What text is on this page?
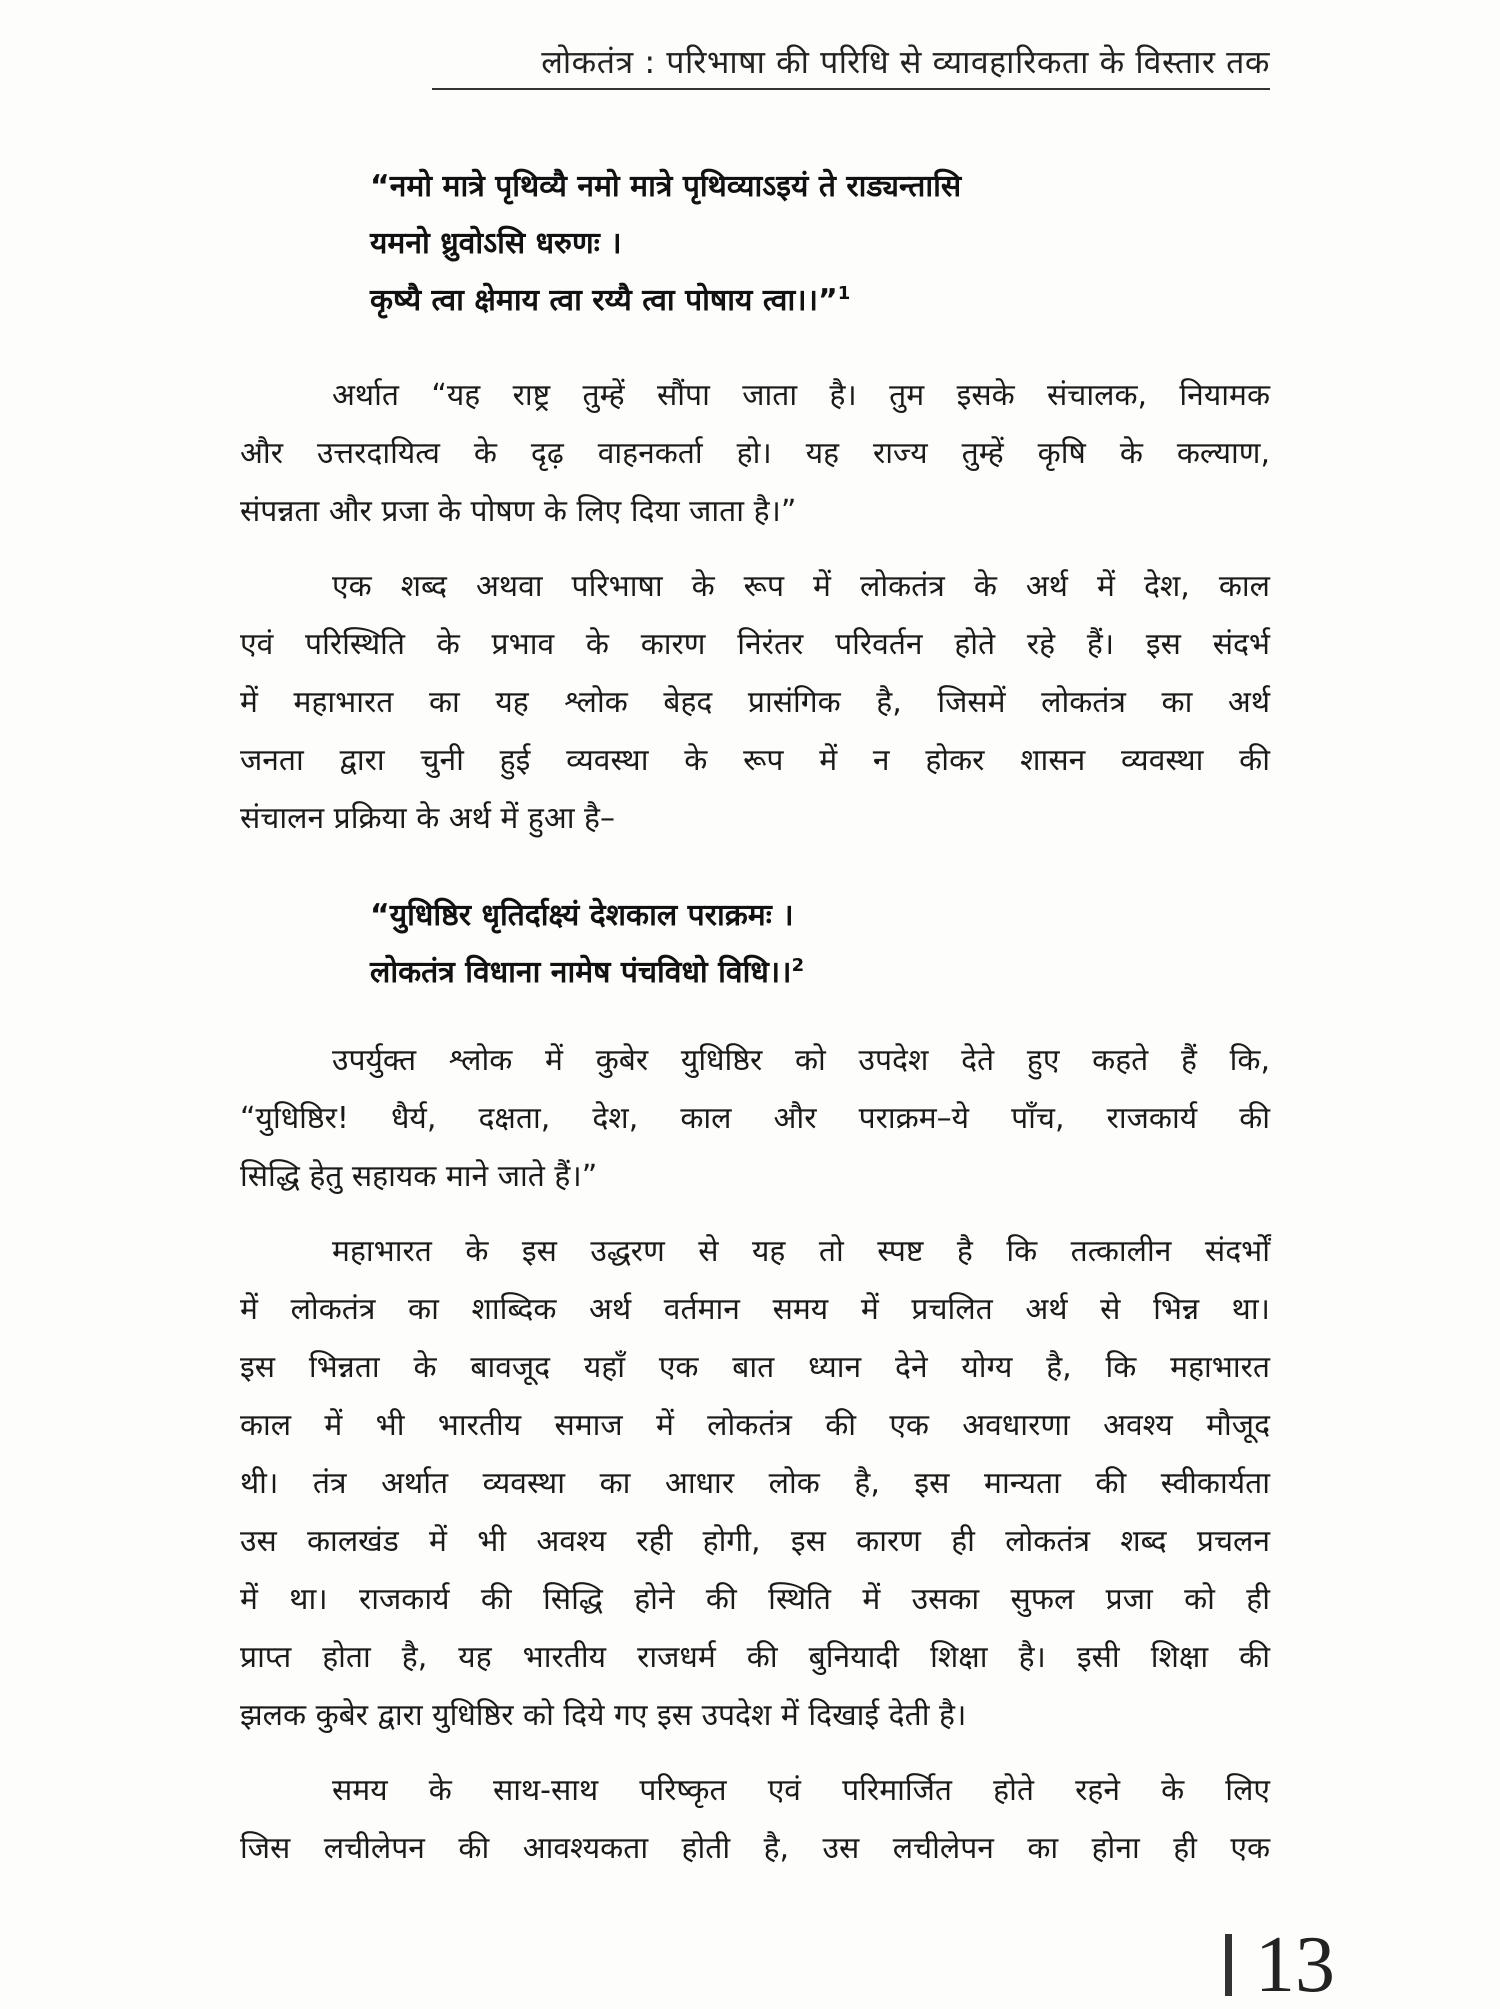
लोकतंत्र : परिभाषा की परिधि से व्यावहारिकता के विस्तार तक
“नमो मात्रे पृथिव्यै नमो मात्रे पृथिव्याऽइयं ते राड्यन्तासि
यमनो ध्रुवोऽसि धरुणः ।
कृष्यै त्वा क्षेमाय त्वा रय्यै त्वा पोषाय त्वा।।”$^1$
अर्थात “यह राष्ट्र तुम्हें सौंपा जाता है। तुम इसके संचालक, नियामक
और उत्तरदायित्व के दृढ़ वाहनकर्ता हो। यह राज्य तुम्हें कृषि के कल्याण,
संपन्नता और प्रजा के पोषण के लिए दिया जाता है।”
एक शब्द अथवा परिभाषा के रूप में लोकतंत्र के अर्थ में देश, काल
एवं परिस्थिति के प्रभाव के कारण निरंतर परिवर्तन होते रहे हैं। इस संदर्भ
में महाभारत का यह श्लोक बेहद प्रासंगिक है, जिसमें लोकतंत्र का अर्थ
जनता द्वारा चुनी हुई व्यवस्था के रूप में न होकर शासन व्यवस्था की
संचालन प्रक्रिया के अर्थ में हुआ है–
“युधिष्ठिर धृतिर्दाक्ष्यं देशकाल पराक्रमः ।
लोकतंत्र विधाना नामेष पंचविधो विधि।।$^2$
उपर्युक्त श्लोक में कुबेर युधिष्ठिर को उपदेश देते हुए कहते हैं कि,
“युधिष्ठिर! धैर्य, दक्षता, देश, काल और पराक्रम–ये पाँच, राजकार्य की
सिद्धि हेतु सहायक माने जाते हैं।”
महाभारत के इस उद्धरण से यह तो स्पष्ट है कि तत्कालीन संदर्भों
में लोकतंत्र का शाब्दिक अर्थ वर्तमान समय में प्रचलित अर्थ से भिन्न था।
इस भिन्नता के बावजूद यहाँ एक बात ध्यान देने योग्य है, कि महाभारत
काल में भी भारतीय समाज में लोकतंत्र की एक अवधारणा अवश्य मौजूद
थी। तंत्र अर्थात व्यवस्था का आधार लोक है, इस मान्यता की स्वीकार्यता
उस कालखंड में भी अवश्य रही होगी, इस कारण ही लोकतंत्र शब्द प्रचलन
में था। राजकार्य की सिद्धि होने की स्थिति में उसका सुफल प्रजा को ही
प्राप्त होता है, यह भारतीय राजधर्म की बुनियादी शिक्षा है। इसी शिक्षा की
झलक कुबेर द्वारा युधिष्ठिर को दिये गए इस उपदेश में दिखाई देती है।
समय के साथ-साथ परिष्कृत एवं परिमार्जित होते रहने के लिए
जिस लचीलेपन की आवश्यकता होती है, उस लचीलेपन का होना ही एक
13
